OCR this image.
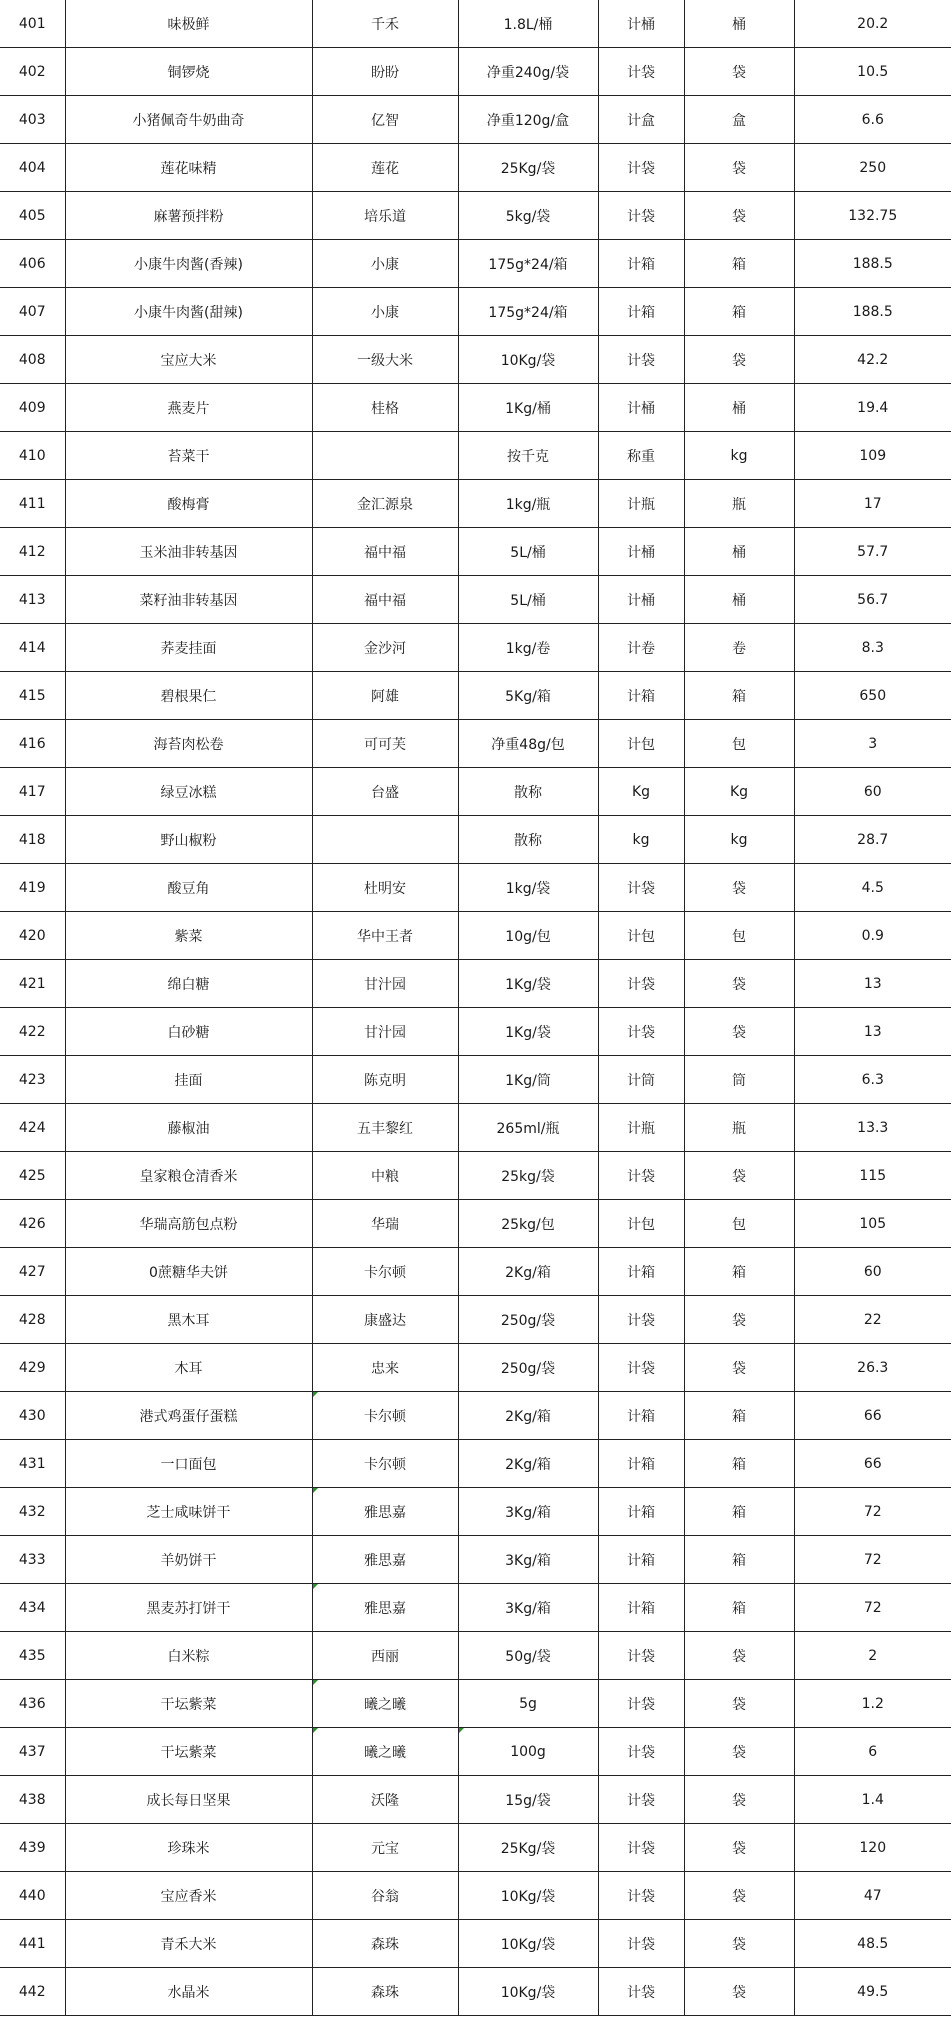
401	味极鲜	千禾	1.8L/桶	计桶	桶	20.2
402	铜锣烧	盼盼	净重240g/袋	计袋	袋	10.5
403	小猪佩奇牛奶曲奇	亿智	净重120g/盒	计盒	盒	6.6
404	莲花味精	莲花	25Kg/袋	计袋	袋	250
405	麻薯预拌粉	培乐道	5kg/袋	计袋	袋	132.75
406	小康牛肉酱(香辣)	小康	175g*24/箱	计箱	箱	188.5
407	小康牛肉酱(甜辣)	小康	175g*24/箱	计箱	箱	188.5
408	宝应大米	一级大米	10Kg/袋	计袋	袋	42.2
409	燕麦片	桂格	1Kg/桶	计桶	桶	19.4
410	苔菜干		按千克	称重	kg	109
411	酸梅膏	金汇源泉	1kg/瓶	计瓶	瓶	17
412	玉米油非转基因	福中福	5L/桶	计桶	桶	57.7
413	菜籽油非转基因	福中福	5L/桶	计桶	桶	56.7
414	荞麦挂面	金沙河	1kg/卷	计卷	卷	8.3
415	碧根果仁	阿雄	5Kg/箱	计箱	箱	650
416	海苔肉松卷	可可芙	净重48g/包	计包	包	3
417	绿豆冰糕	台盛	散称	Kg	Kg	60
418	野山椒粉		散称	kg	kg	28.7
419	酸豆角	杜明安	1kg/袋	计袋	袋	4.5
420	紫菜	华中王者	10g/包	计包	包	0.9
421	绵白糖	甘汁园	1Kg/袋	计袋	袋	13
422	白砂糖	甘汁园	1Kg/袋	计袋	袋	13
423	挂面	陈克明	1Kg/筒	计筒	筒	6.3
424	藤椒油	五丰黎红	265ml/瓶	计瓶	瓶	13.3
425	皇家粮仓清香米	中粮	25kg/袋	计袋	袋	115
426	华瑞高筋包点粉	华瑞	25kg/包	计包	包	105
427	0蔗糖华夫饼	卡尔顿	2Kg/箱	计箱	箱	60
428	黑木耳	康盛达	250g/袋	计袋	袋	22
429	木耳	忠来	250g/袋	计袋	袋	26.3
430	港式鸡蛋仔蛋糕	卡尔顿	2Kg/箱	计箱	箱	66
431	一口面包	卡尔顿	2Kg/箱	计箱	箱	66
432	芝士咸味饼干	雅思嘉	3Kg/箱	计箱	箱	72
433	羊奶饼干	雅思嘉	3Kg/箱	计箱	箱	72
434	黑麦苏打饼干	雅思嘉	3Kg/箱	计箱	箱	72
435	白米粽	西丽	50g/袋	计袋	袋	2
436	干坛紫菜	曦之曦	5g	计袋	袋	1.2
437	干坛紫菜	曦之曦	100g	计袋	袋	6
438	成长每日坚果	沃隆	15g/袋	计袋	袋	1.4
439	珍珠米	元宝	25Kg/袋	计袋	袋	120
440	宝应香米	谷翁	10Kg/袋	计袋	袋	47
441	青禾大米	森珠	10Kg/袋	计袋	袋	48.5
442	水晶米	森珠	10Kg/袋	计袋	袋	49.5
